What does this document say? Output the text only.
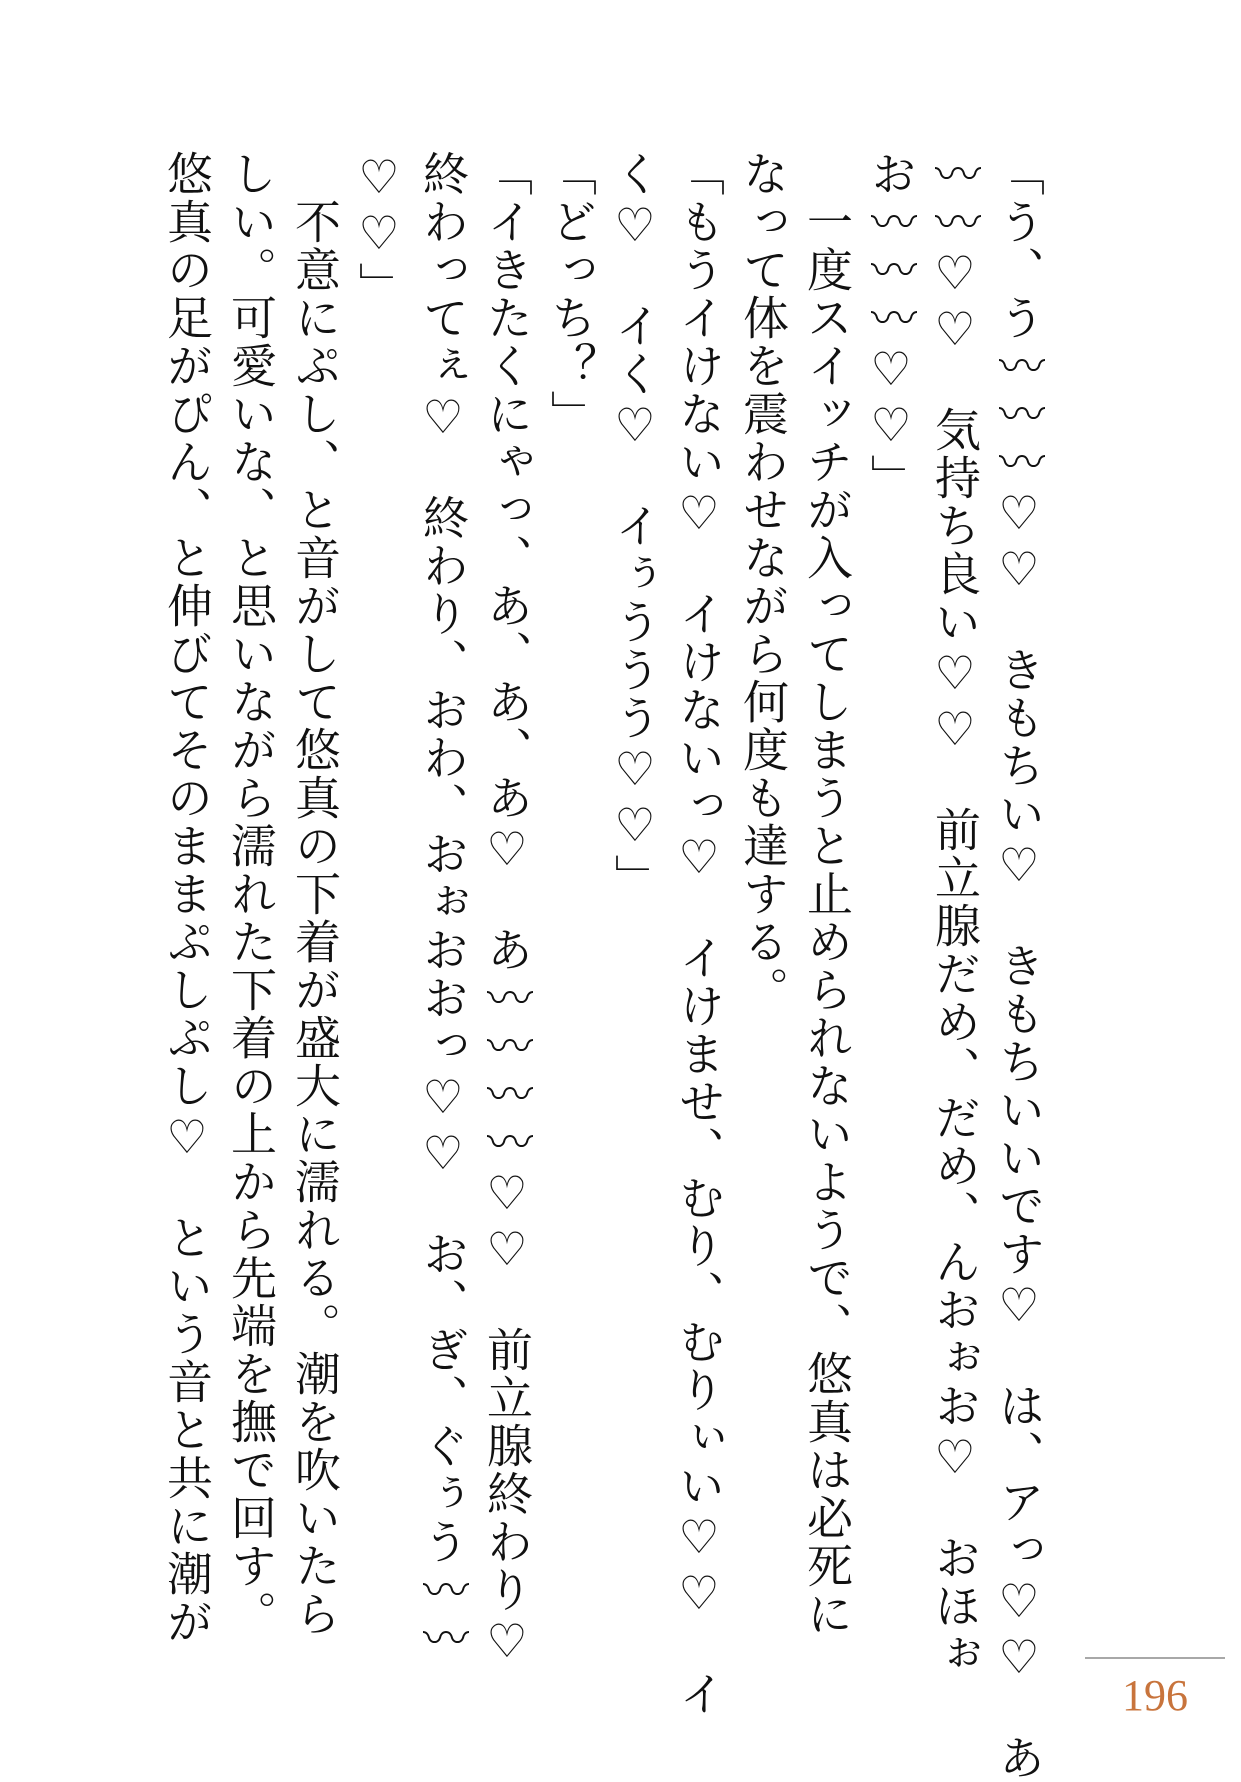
「う、う〰〰〰♡♡　きもちい♡　きもちいいです♡　は、アっ♡♡　あ

〰〰♡♡　気持ち良い♡♡　前立腺だめ、だめ、んおぉお♡　おほぉ

お〰〰〰♡♡」

　一度スイッチが入ってしまうと止められないようで、悠真は必死に

なって体を震わせながら何度も達する。

「もうイけない♡　イけないっ♡　イけませ、むり、むりぃい♡♡　イ

く♡　イく♡　イぅううう♡♡」

「どっち？」

「イきたくにゃっ、あ、あ、あ♡　あ〰〰〰〰♡♡　前立腺終わり♡

終わってぇ♡　終わり、おわ、おぉおおっ♡♡　お、ぎ、ぐぅう〰〰

♡♡」

　不意にぷし、と音がして悠真の下着が盛大に濡れる。潮を吹いたら

しい。可愛いな、と思いながら濡れた下着の上から先端を撫で回す。

悠真の足がぴん、と伸びてそのままぷしぷし♡　という音と共に潮が

196
